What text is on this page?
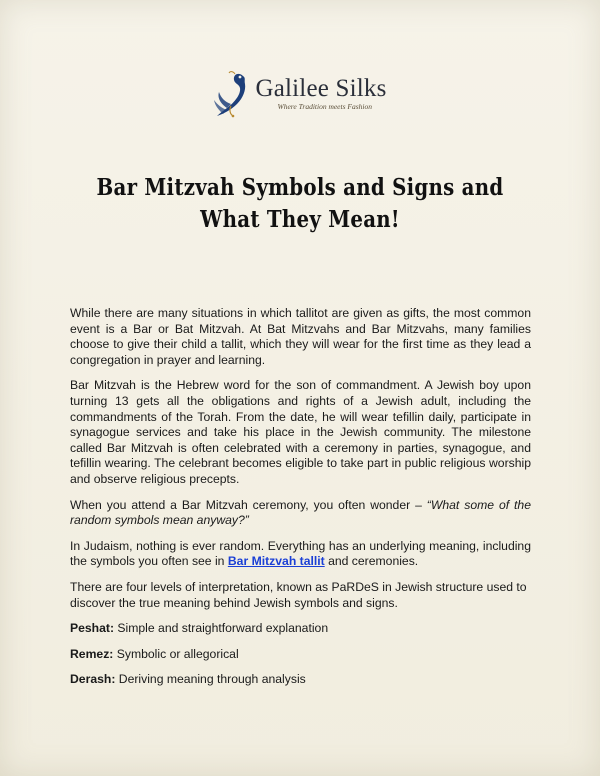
Galilee Silks
Where Tradition meets Fashion
Bar Mitzvah Symbols and Signs and
What They Mean!

While there are many situations in which tallitot are given as gifts, the most common event is a Bar or Bat Mitzvah. At Bat Mitzvahs and Bar Mitzvahs, many families choose to give their child a tallit, which they will wear for the first time as they lead a congregation in prayer and learning.

Bar Mitzvah is the Hebrew word for the son of commandment. A Jewish boy upon turning 13 gets all the obligations and rights of a Jewish adult, including the commandments of the Torah. From the date, he will wear tefillin daily, participate in synagogue services and take his place in the Jewish community. The milestone called Bar Mitzvah is often celebrated with a ceremony in parties, synagogue, and tefillin wearing. The celebrant becomes eligible to take part in public religious worship and observe religious precepts.

When you attend a Bar Mitzvah ceremony, you often wonder – “What some of the random symbols mean anyway?”

In Judaism, nothing is ever random. Everything has an underlying meaning, including the symbols you often see in Bar Mitzvah tallit and ceremonies.

There are four levels of interpretation, known as PaRDeS in Jewish structure used to discover the true meaning behind Jewish symbols and signs.

Peshat: Simple and straightforward explanation

Remez: Symbolic or allegorical

Derash: Deriving meaning through analysis
